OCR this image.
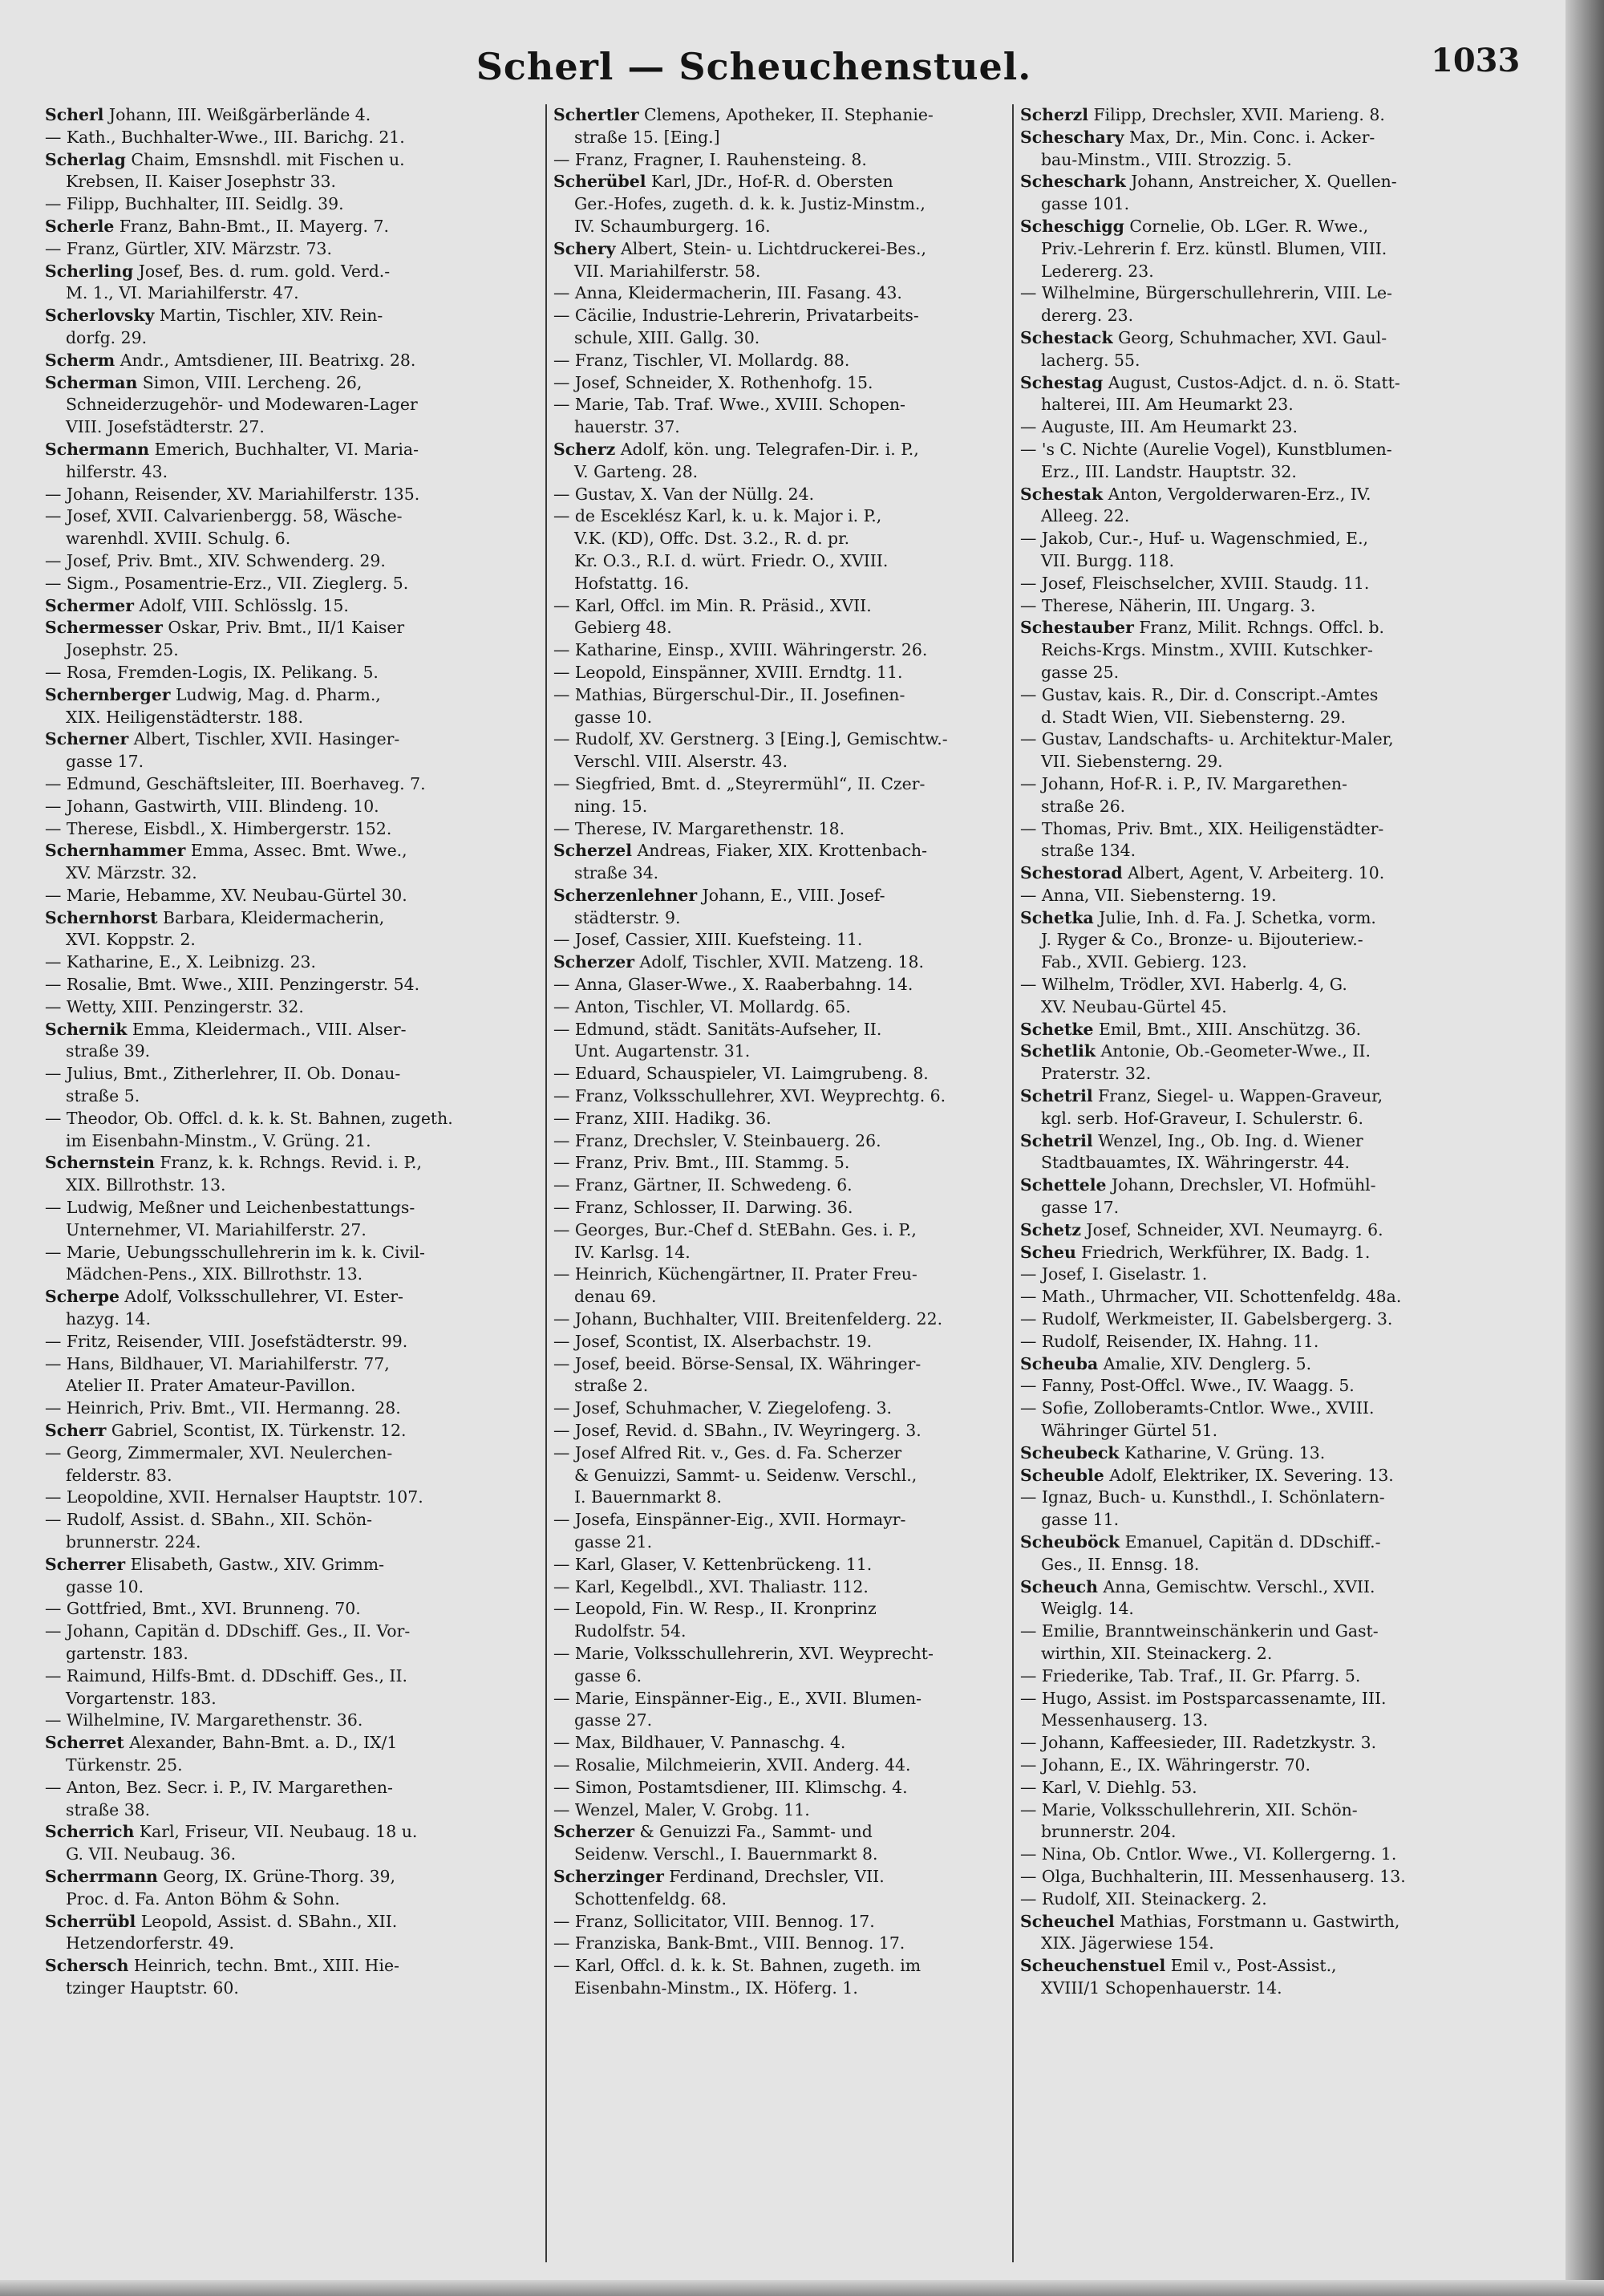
Scherl — Scheuchenstuel.	1033
Scherl Johann, III. Weißgärberlände 4.
— Kath., Buchhalter-Wwe., III. Barichg. 21.
Scherlag Chaim, Emsnshdl. mit Fischen u.
Krebsen, II. Kaiser Josephstr 33.
— Filipp, Buchhalter, III. Seidlg. 39.
Scherle Franz, Bahn-Bmt., II. Mayerg. 7.
— Franz, Gürtler, XIV. Märzstr. 73.
Scherling Josef, Bes. d. rum. gold. Verd.-
M. 1., VI. Mariahilferstr. 47.
Scherlovsky Martin, Tischler, XIV. Rein-
dorfg. 29.
Scherm Andr., Amtsdiener, III. Beatrixg. 28.
Scherman Simon, VIII. Lercheng. 26,
Schneiderzugehör- und Modewaren-Lager
VIII. Josefstädterstr. 27.
Schermann Emerich, Buchhalter, VI. Maria-
hilferstr. 43.
— Johann, Reisender, XV. Mariahilferstr. 135.
— Josef, XVII. Calvarienbergg. 58, Wäsche-
warenhdl. XVIII. Schulg. 6.
— Josef, Priv. Bmt., XIV. Schwenderg. 29.
— Sigm., Posamentrie-Erz., VII. Zieglerg. 5.
Schermer Adolf, VIII. Schlösslg. 15.
Schermesser Oskar, Priv. Bmt., II/1 Kaiser
Josephstr. 25.
— Rosa, Fremden-Logis, IX. Pelikang. 5.
Schernberger Ludwig, Mag. d. Pharm.,
XIX. Heiligenstädterstr. 188.
Scherner Albert, Tischler, XVII. Hasinger-
gasse 17.
— Edmund, Geschäftsleiter, III. Boerhaveg. 7.
— Johann, Gastwirth, VIII. Blindeng. 10.
— Therese, Eisbdl., X. Himbergerstr. 152.
Schernhammer Emma, Assec. Bmt. Wwe.,
XV. Märzstr. 32.
— Marie, Hebamme, XV. Neubau-Gürtel 30.
Schernhorst Barbara, Kleidermacherin,
XVI. Koppstr. 2.
— Katharine, E., X. Leibnizg. 23.
— Rosalie, Bmt. Wwe., XIII. Penzingerstr. 54.
— Wetty, XIII. Penzingerstr. 32.
Schernik Emma, Kleidermach., VIII. Alser-
straße 39.
— Julius, Bmt., Zitherlehrer, II. Ob. Donau-
straße 5.
— Theodor, Ob. Offcl. d. k. k. St. Bahnen, zugeth.
im Eisenbahn-Minstm., V. Grüng. 21.
Schernstein Franz, k. k. Rchngs. Revid. i. P.,
XIX. Billrothstr. 13.
— Ludwig, Meßner und Leichenbestattungs-
Unternehmer, VI. Mariahilferstr. 27.
— Marie, Uebungsschullehrerin im k. k. Civil-
Mädchen-Pens., XIX. Billrothstr. 13.
Scherpe Adolf, Volksschullehrer, VI. Ester-
hazyg. 14.
— Fritz, Reisender, VIII. Josefstädterstr. 99.
— Hans, Bildhauer, VI. Mariahilferstr. 77,
Atelier II. Prater Amateur-Pavillon.
— Heinrich, Priv. Bmt., VII. Hermanng. 28.
Scherr Gabriel, Scontist, IX. Türkenstr. 12.
— Georg, Zimmermaler, XVI. Neulerchen-
felderstr. 83.
— Leopoldine, XVII. Hernalser Hauptstr. 107.
— Rudolf, Assist. d. SBahn., XII. Schön-
brunnerstr. 224.
Scherrer Elisabeth, Gastw., XIV. Grimm-
gasse 10.
— Gottfried, Bmt., XVI. Brunneng. 70.
— Johann, Capitän d. DDschiff. Ges., II. Vor-
gartenstr. 183.
— Raimund, Hilfs-Bmt. d. DDschiff. Ges., II.
Vorgartenstr. 183.
— Wilhelmine, IV. Margarethenstr. 36.
Scherret Alexander, Bahn-Bmt. a. D., IX/1
Türkenstr. 25.
— Anton, Bez. Secr. i. P., IV. Margarethen-
straße 38.
Scherrich Karl, Friseur, VII. Neubaug. 18 u.
G. VII. Neubaug. 36.
Scherrmann Georg, IX. Grüne-Thorg. 39,
Proc. d. Fa. Anton Böhm & Sohn.
Scherrübl Leopold, Assist. d. SBahn., XII.
Hetzendorferstr. 49.
Schersch Heinrich, techn. Bmt., XIII. Hie-
tzinger Hauptstr. 60.
Schertler Clemens, Apotheker, II. Stephanie-
straße 15. [Eing.]
— Franz, Fragner, I. Rauhensteing. 8.
Scherübel Karl, JDr., Hof-R. d. Obersten
Ger.-Hofes, zugeth. d. k. k. Justiz-Minstm.,
IV. Schaumburgerg. 16.
Schery Albert, Stein- u. Lichtdruckerei-Bes.,
VII. Mariahilferstr. 58.
— Anna, Kleidermacherin, III. Fasang. 43.
— Cäcilie, Industrie-Lehrerin, Privatarbeits-
schule, XIII. Gallg. 30.
— Franz, Tischler, VI. Mollardg. 88.
— Josef, Schneider, X. Rothenhofg. 15.
— Marie, Tab. Traf. Wwe., XVIII. Schopen-
hauerstr. 37.
Scherz Adolf, kön. ung. Telegrafen-Dir. i. P.,
V. Garteng. 28.
— Gustav, X. Van der Nüllg. 24.
— de Esceklész Karl, k. u. k. Major i. P.,
V.K. (KD), Offc. Dst. 3.2., R. d. pr.
Kr. O.3., R.I. d. würt. Friedr. O., XVIII.
Hofstattg. 16.
— Karl, Offcl. im Min. R. Präsid., XVII.
Gebierg 48.
— Katharine, Einsp., XVIII. Währingerstr. 26.
— Leopold, Einspänner, XVIII. Erndtg. 11.
— Mathias, Bürgerschul-Dir., II. Josefinen-
gasse 10.
— Rudolf, XV. Gerstnerg. 3 [Eing.], Gemischtw.-
Verschl. VIII. Alserstr. 43.
— Siegfried, Bmt. d. „Steyrermühl“, II. Czer-
ning. 15.
— Therese, IV. Margarethenstr. 18.
Scherzel Andreas, Fiaker, XIX. Krottenbach-
straße 34.
Scherzenlehner Johann, E., VIII. Josef-
städterstr. 9.
— Josef, Cassier, XIII. Kuefsteing. 11.
Scherzer Adolf, Tischler, XVII. Matzeng. 18.
— Anna, Glaser-Wwe., X. Raaberbahng. 14.
— Anton, Tischler, VI. Mollardg. 65.
— Edmund, städt. Sanitäts-Aufseher, II.
Unt. Augartenstr. 31.
— Eduard, Schauspieler, VI. Laimgrubeng. 8.
— Franz, Volksschullehrer, XVI. Weyprechtg. 6.
— Franz, XIII. Hadikg. 36.
— Franz, Drechsler, V. Steinbauerg. 26.
— Franz, Priv. Bmt., III. Stammg. 5.
— Franz, Gärtner, II. Schwedeng. 6.
— Franz, Schlosser, II. Darwing. 36.
— Georges, Bur.-Chef d. StEBahn. Ges. i. P.,
IV. Karlsg. 14.
— Heinrich, Küchengärtner, II. Prater Freu-
denau 69.
— Johann, Buchhalter, VIII. Breitenfelderg. 22.
— Josef, Scontist, IX. Alserbachstr. 19.
— Josef, beeid. Börse-Sensal, IX. Währinger-
straße 2.
— Josef, Schuhmacher, V. Ziegelofeng. 3.
— Josef, Revid. d. SBahn., IV. Weyringerg. 3.
— Josef Alfred Rit. v., Ges. d. Fa. Scherzer
& Genuizzi, Sammt- u. Seidenw. Verschl.,
I. Bauernmarkt 8.
— Josefa, Einspänner-Eig., XVII. Hormayr-
gasse 21.
— Karl, Glaser, V. Kettenbrückeng. 11.
— Karl, Kegelbdl., XVI. Thaliastr. 112.
— Leopold, Fin. W. Resp., II. Kronprinz
Rudolfstr. 54.
— Marie, Volksschullehrerin, XVI. Weyprecht-
gasse 6.
— Marie, Einspänner-Eig., E., XVII. Blumen-
gasse 27.
— Max, Bildhauer, V. Pannaschg. 4.
— Rosalie, Milchmeierin, XVII. Anderg. 44.
— Simon, Postamtsdiener, III. Klimschg. 4.
— Wenzel, Maler, V. Grobg. 11.
Scherzer & Genuizzi Fa., Sammt- und
Seidenw. Verschl., I. Bauernmarkt 8.
Scherzinger Ferdinand, Drechsler, VII.
Schottenfeldg. 68.
— Franz, Sollicitator, VIII. Bennog. 17.
— Franziska, Bank-Bmt., VIII. Bennog. 17.
— Karl, Offcl. d. k. k. St. Bahnen, zugeth. im
Eisenbahn-Minstm., IX. Höferg. 1.
Scherzl Filipp, Drechsler, XVII. Marieng. 8.
Scheschary Max, Dr., Min. Conc. i. Acker-
bau-Minstm., VIII. Strozzig. 5.
Scheschark Johann, Anstreicher, X. Quellen-
gasse 101.
Scheschigg Cornelie, Ob. LGer. R. Wwe.,
Priv.-Lehrerin f. Erz. künstl. Blumen, VIII.
Ledererg. 23.
— Wilhelmine, Bürgerschullehrerin, VIII. Le-
dererg. 23.
Schestack Georg, Schuhmacher, XVI. Gaul-
lacherg. 55.
Schestag August, Custos-Adjct. d. n. ö. Statt-
halterei, III. Am Heumarkt 23.
— Auguste, III. Am Heumarkt 23.
— 's C. Nichte (Aurelie Vogel), Kunstblumen-
Erz., III. Landstr. Hauptstr. 32.
Schestak Anton, Vergolderwaren-Erz., IV.
Alleeg. 22.
— Jakob, Cur.-, Huf- u. Wagenschmied, E.,
VII. Burgg. 118.
— Josef, Fleischselcher, XVIII. Staudg. 11.
— Therese, Näherin, III. Ungarg. 3.
Schestauber Franz, Milit. Rchngs. Offcl. b.
Reichs-Krgs. Minstm., XVIII. Kutschker-
gasse 25.
— Gustav, kais. R., Dir. d. Conscript.-Amtes
d. Stadt Wien, VII. Siebensterng. 29.
— Gustav, Landschafts- u. Architektur-Maler,
VII. Siebensterng. 29.
— Johann, Hof-R. i. P., IV. Margarethen-
straße 26.
— Thomas, Priv. Bmt., XIX. Heiligenstädter-
straße 134.
Schestorad Albert, Agent, V. Arbeiterg. 10.
— Anna, VII. Siebensterng. 19.
Schetka Julie, Inh. d. Fa. J. Schetka, vorm.
J. Ryger & Co., Bronze- u. Bijouteriew.-
Fab., XVII. Gebierg. 123.
— Wilhelm, Trödler, XVI. Haberlg. 4, G.
XV. Neubau-Gürtel 45.
Schetke Emil, Bmt., XIII. Anschützg. 36.
Schetlik Antonie, Ob.-Geometer-Wwe., II.
Praterstr. 32.
Schetril Franz, Siegel- u. Wappen-Graveur,
kgl. serb. Hof-Graveur, I. Schulerstr. 6.
Schetril Wenzel, Ing., Ob. Ing. d. Wiener
Stadtbauamtes, IX. Währingerstr. 44.
Schettele Johann, Drechsler, VI. Hofmühl-
gasse 17.
Schetz Josef, Schneider, XVI. Neumayrg. 6.
Scheu Friedrich, Werkführer, IX. Badg. 1.
— Josef, I. Giselastr. 1.
— Math., Uhrmacher, VII. Schottenfeldg. 48a.
— Rudolf, Werkmeister, II. Gabelsbergerg. 3.
— Rudolf, Reisender, IX. Hahng. 11.
Scheuba Amalie, XIV. Denglerg. 5.
— Fanny, Post-Offcl. Wwe., IV. Waagg. 5.
— Sofie, Zolloberamts-Cntlor. Wwe., XVIII.
Währinger Gürtel 51.
Scheubeck Katharine, V. Grüng. 13.
Scheuble Adolf, Elektriker, IX. Severing. 13.
— Ignaz, Buch- u. Kunsthdl., I. Schönlatern-
gasse 11.
Scheuböck Emanuel, Capitän d. DDschiff.-
Ges., II. Ennsg. 18.
Scheuch Anna, Gemischtw. Verschl., XVII.
Weiglg. 14.
— Emilie, Branntweinschänkerin und Gast-
wirthin, XII. Steinackerg. 2.
— Friederike, Tab. Traf., II. Gr. Pfarrg. 5.
— Hugo, Assist. im Postsparcassenamte, III.
Messenhauserg. 13.
— Johann, Kaffeesieder, III. Radetzkystr. 3.
— Johann, E., IX. Währingerstr. 70.
— Karl, V. Diehlg. 53.
— Marie, Volksschullehrerin, XII. Schön-
brunnerstr. 204.
— Nina, Ob. Cntlor. Wwe., VI. Kollergerng. 1.
— Olga, Buchhalterin, III. Messenhauserg. 13.
— Rudolf, XII. Steinackerg. 2.
Scheuchel Mathias, Forstmann u. Gastwirth,
XIX. Jägerwiese 154.
Scheuchenstuel Emil v., Post-Assist.,
XVIII/1 Schopenhauerstr. 14.
